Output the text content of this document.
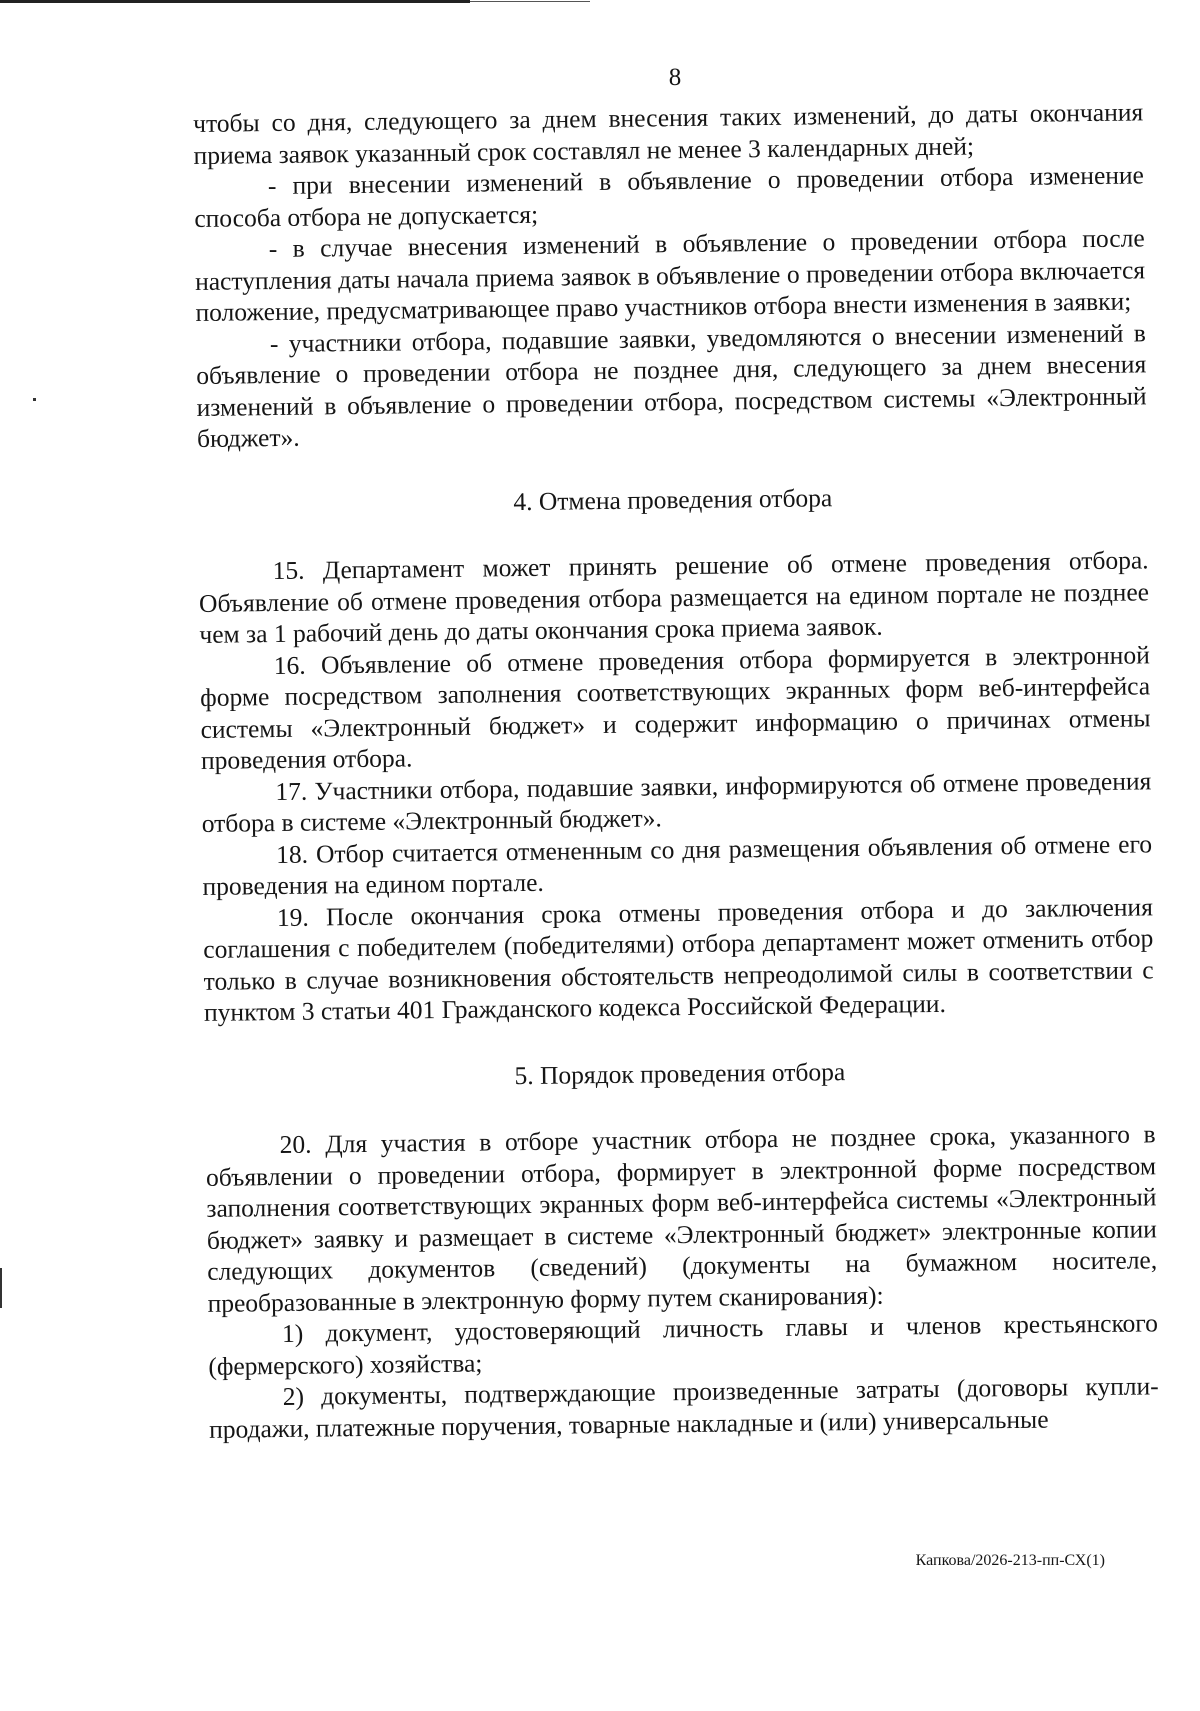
8

чтобы со дня, следующего за днем внесения таких изменений, до даты окончания приема заявок указанный срок составлял не менее 3 календарных дней;

- при внесении изменений в объявление о проведении отбора изменение способа отбора не допускается;

- в случае внесения изменений в объявление о проведении отбора после наступления даты начала приема заявок в объявление о проведении отбора включается положение, предусматривающее право участников отбора внести изменения в заявки;

- участники отбора, подавшие заявки, уведомляются о внесении изменений в объявление о проведении отбора не позднее дня, следующего за днем внесения изменений в объявление о проведении отбора, посредством системы «Электронный бюджет».

4. Отмена проведения отбора

15. Департамент может принять решение об отмене проведения отбора. Объявление об отмене проведения отбора размещается на едином портале не позднее чем за 1 рабочий день до даты окончания срока приема заявок.

16. Объявление об отмене проведения отбора формируется в электронной форме посредством заполнения соответствующих экранных форм веб-интерфейса системы «Электронный бюджет» и содержит информацию о причинах отмены проведения отбора.

17. Участники отбора, подавшие заявки, информируются об отмене проведения отбора в системе «Электронный бюджет».

18. Отбор считается отмененным со дня размещения объявления об отмене его проведения на едином портале.

19. После окончания срока отмены проведения отбора и до заключения соглашения с победителем (победителями) отбора департамент может отменить отбор только в случае возникновения обстоятельств непреодолимой силы в соответствии с пунктом 3 статьи 401 Гражданского кодекса Российской Федерации.

5. Порядок проведения отбора

20. Для участия в отборе участник отбора не позднее срока, указанного в объявлении о проведении отбора, формирует в электронной форме посредством заполнения соответствующих экранных форм веб-интерфейса системы «Электронный бюджет» заявку и размещает в системе «Электронный бюджет» электронные копии следующих документов (сведений) (документы на бумажном носителе, преобразованные в электронную форму путем сканирования):

1) документ, удостоверяющий личность главы и членов крестьянского (фермерского) хозяйства;

2) документы, подтверждающие произведенные затраты (договоры купли-продажи, платежные поручения, товарные накладные и (или) универсальные

Капкова/2026-213-пп-СХ(1)
